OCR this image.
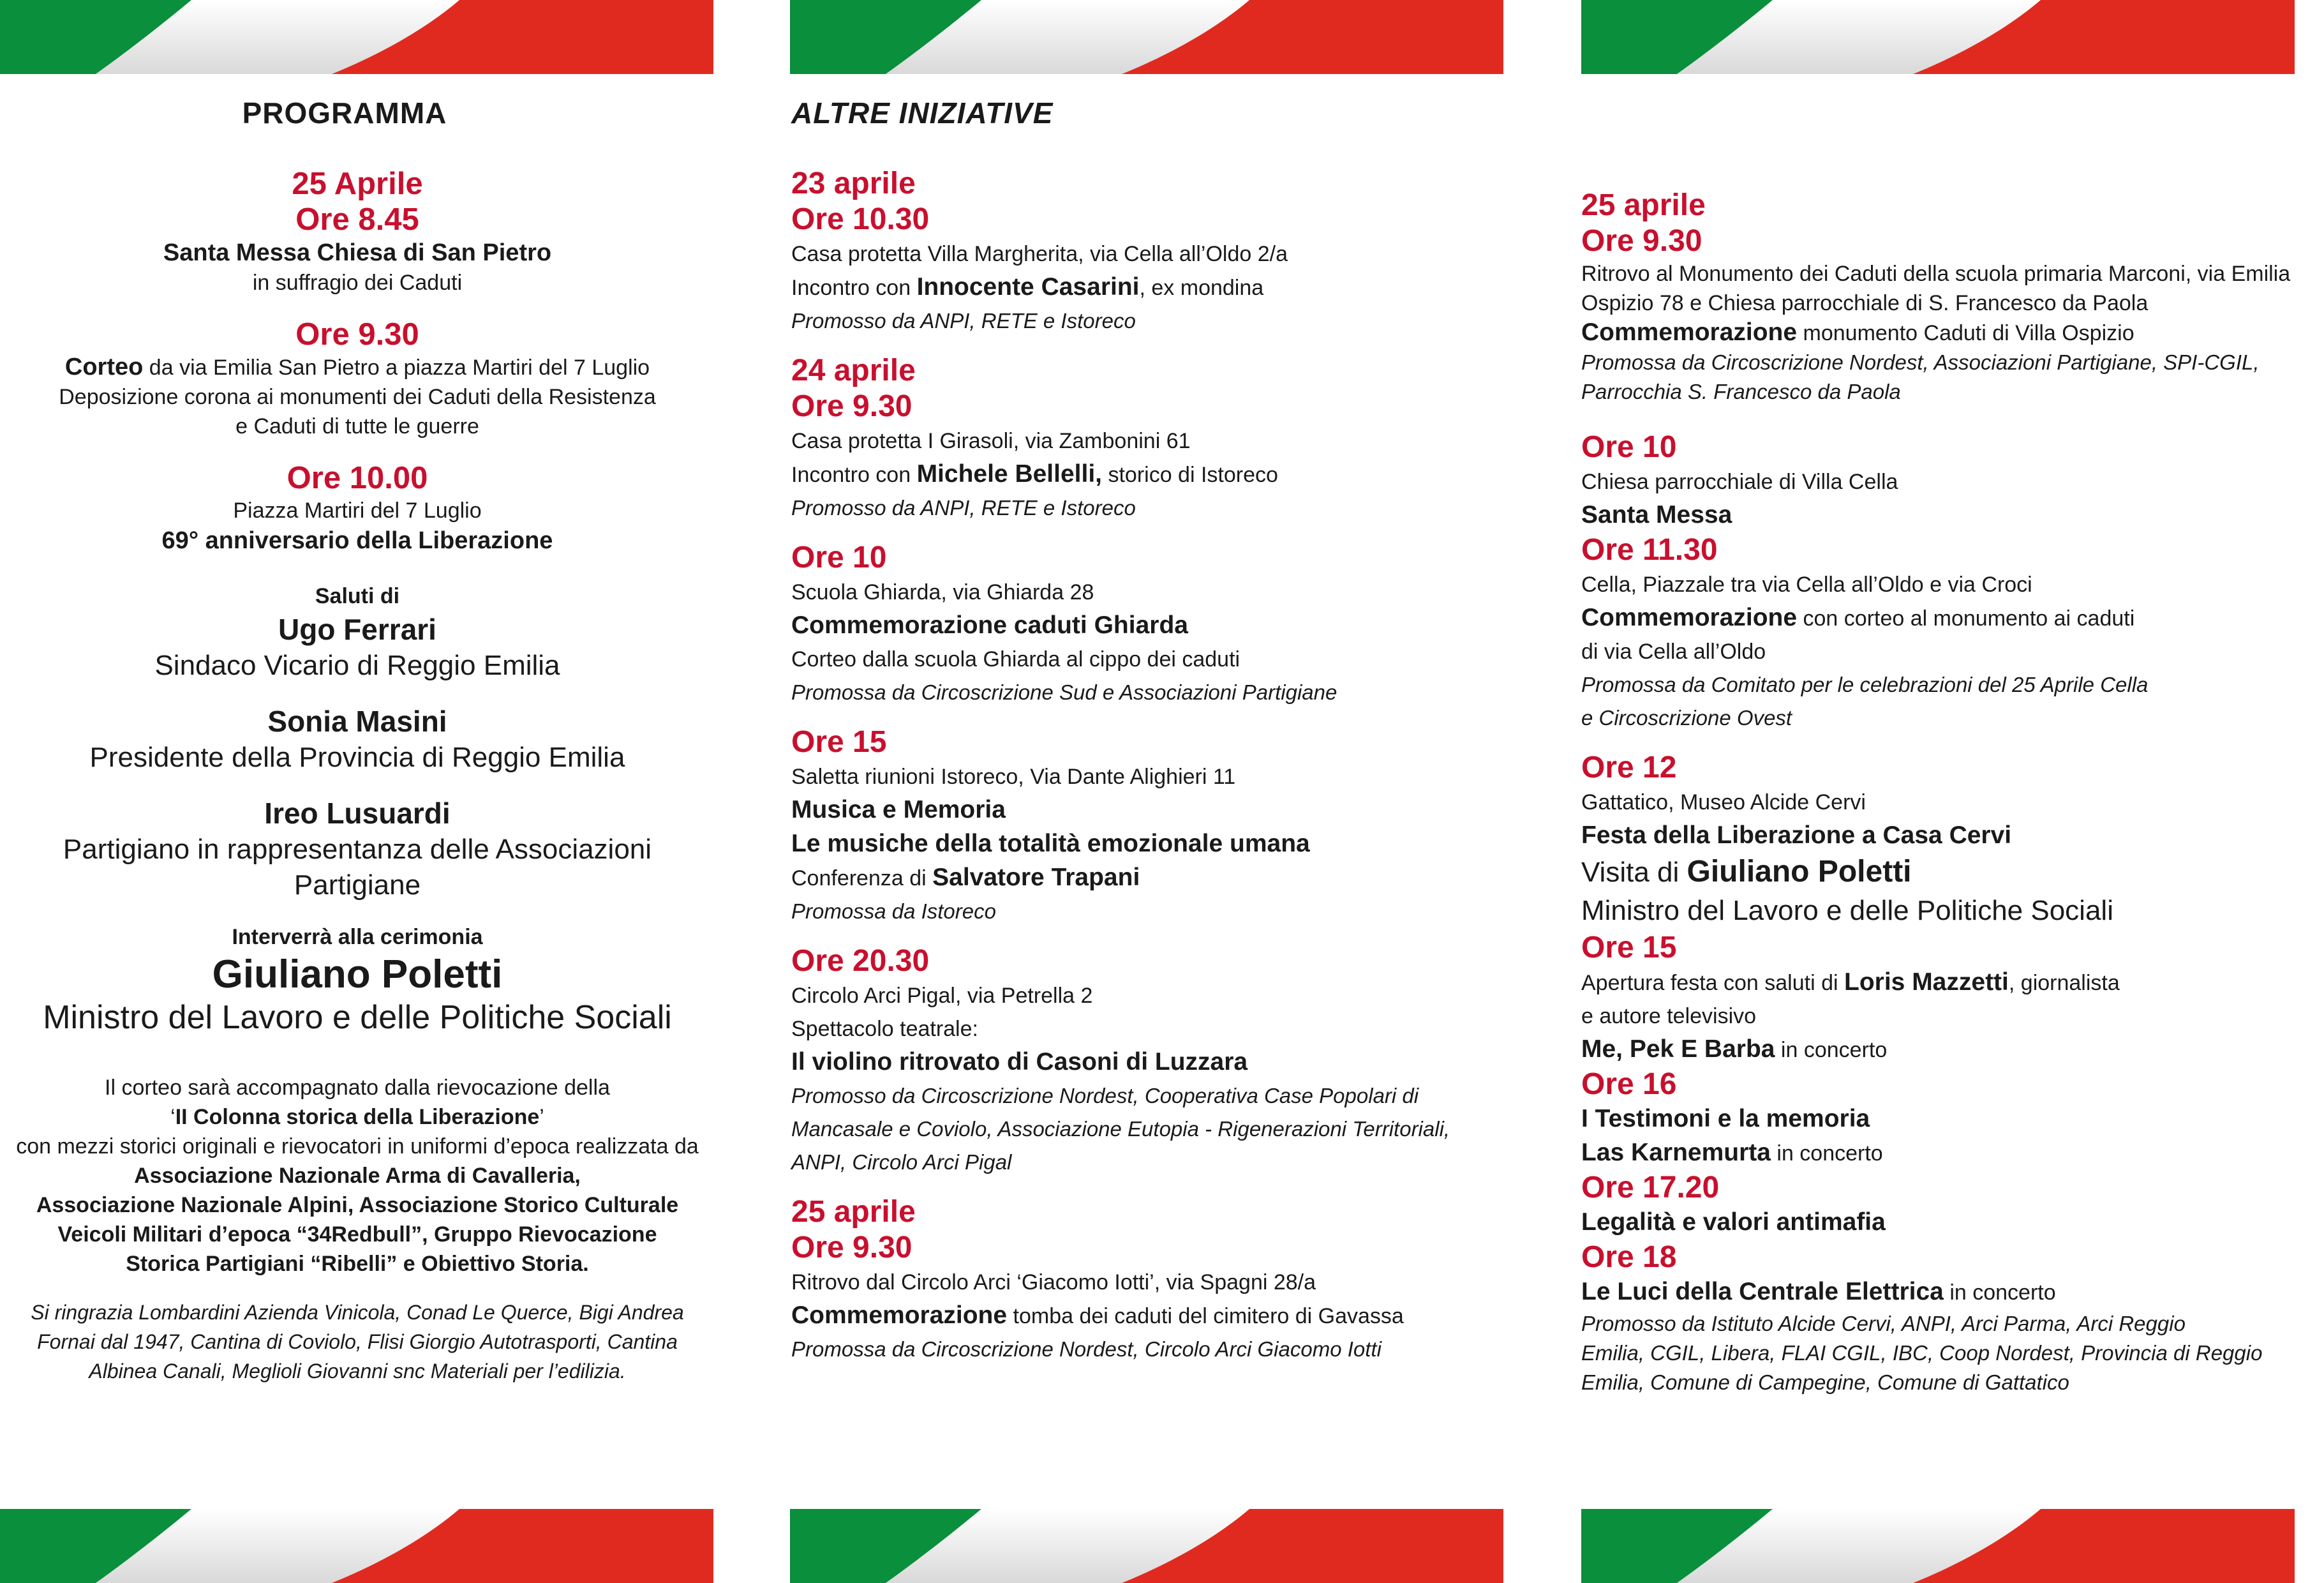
PROGRAMMA
25 Aprile
Ore 8.45
Santa Messa Chiesa di San Pietro
in suffragio dei Caduti
Ore 9.30
Corteo da via Emilia San Pietro a piazza Martiri del 7 Luglio
Deposizione corona ai monumenti dei Caduti della Resistenza
e Caduti di tutte le guerre
Ore 10.00
Piazza Martiri del 7 Luglio
69° anniversario della Liberazione
Saluti di
Ugo Ferrari
Sindaco Vicario di Reggio Emilia
Sonia Masini
Presidente della Provincia di Reggio Emilia
Ireo Lusuardi
Partigiano in rappresentanza delle Associazioni Partigiane
Interverrà alla cerimonia
Giuliano Poletti
Ministro del Lavoro e delle Politiche Sociali
Il corteo sarà accompagnato dalla rievocazione della
‘II Colonna storica della Liberazione’
con mezzi storici originali e rievocatori in uniformi d’epoca realizzata da
Associazione Nazionale Arma di Cavalleria,
Associazione Nazionale Alpini, Associazione Storico Culturale
Veicoli Militari d’epoca “34Redbull”, Gruppo Rievocazione
Storica Partigiani “Ribelli” e Obiettivo Storia.
Si ringrazia Lombardini Azienda Vinicola, Conad Le Querce, Bigi Andrea
Fornai dal 1947, Cantina di Coviolo, Flisi Giorgio Autotrasporti, Cantina
Albinea Canali, Meglioli Giovanni snc Materiali per l’edilizia.
ALTRE INIZIATIVE
23 aprile
Ore 10.30
Casa protetta Villa Margherita, via Cella all’Oldo 2/a
Incontro con Innocente Casarini, ex mondina
Promosso da ANPI, RETE e Istoreco
24 aprile
Ore 9.30
Casa protetta I Girasoli, via Zambonini 61
Incontro con Michele Bellelli, storico di Istoreco
Promosso da ANPI, RETE e Istoreco
Ore 10
Scuola Ghiarda, via Ghiarda 28
Commemorazione caduti Ghiarda
Corteo dalla scuola Ghiarda al cippo dei caduti
Promossa da Circoscrizione Sud e Associazioni Partigiane
Ore 15
Saletta riunioni Istoreco, Via Dante Alighieri 11
Musica e Memoria
Le musiche della totalità emozionale umana
Conferenza di Salvatore Trapani
Promossa da Istoreco
Ore 20.30
Circolo Arci Pigal, via Petrella 2
Spettacolo teatrale:
Il violino ritrovato di Casoni di Luzzara
Promosso da Circoscrizione Nordest, Cooperativa Case Popolari di
Mancasale e Coviolo, Associazione Eutopia - Rigenerazioni Territoriali,
ANPI, Circolo Arci Pigal
25 aprile
Ore 9.30
Ritrovo dal Circolo Arci ‘Giacomo Iotti’, via Spagni 28/a
Commemorazione tomba dei caduti del cimitero di Gavassa
Promossa da Circoscrizione Nordest, Circolo Arci Giacomo Iotti
25 aprile
Ore 9.30
Ritrovo al Monumento dei Caduti della scuola primaria Marconi, via Emilia
Ospizio 78 e Chiesa parrocchiale di S. Francesco da Paola
Commemorazione monumento Caduti di Villa Ospizio
Promossa da Circoscrizione Nordest, Associazioni Partigiane, SPI-CGIL,
Parrocchia S. Francesco da Paola
Ore 10
Chiesa parrocchiale di Villa Cella
Santa Messa
Ore 11.30
Cella, Piazzale tra via Cella all’Oldo e via Croci
Commemorazione con corteo al monumento ai caduti
di via Cella all’Oldo
Promossa da Comitato per le celebrazioni del 25 Aprile Cella
e Circoscrizione Ovest
Ore 12
Gattatico, Museo Alcide Cervi
Festa della Liberazione a Casa Cervi
Visita di Giuliano Poletti
Ministro del Lavoro e delle Politiche Sociali
Ore 15
Apertura festa con saluti di Loris Mazzetti, giornalista
e autore televisivo
Me, Pek E Barba in concerto
Ore 16
I Testimoni e la memoria
Las Karnemurta in concerto
Ore 17.20
Legalità e valori antimafia
Ore 18
Le Luci della Centrale Elettrica in concerto
Promosso da Istituto Alcide Cervi, ANPI, Arci Parma, Arci Reggio
Emilia, CGIL, Libera, FLAI CGIL, IBC, Coop Nordest, Provincia di Reggio
Emilia, Comune di Campegine, Comune di Gattatico
